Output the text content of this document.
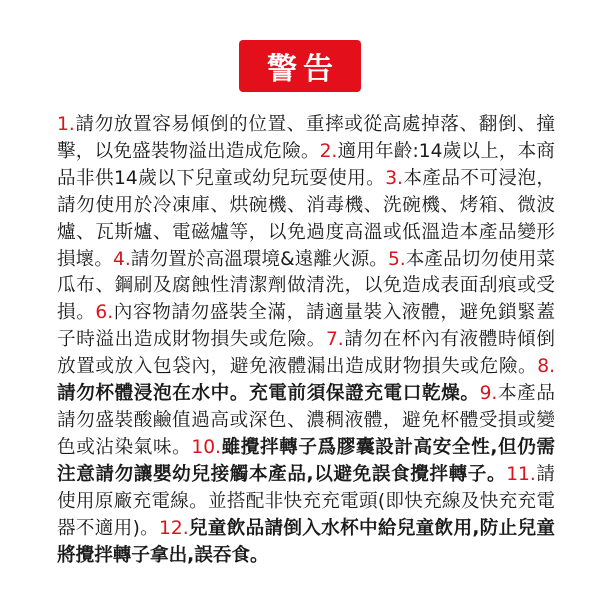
警告

1.請勿放置容易傾倒的位置、重摔或從高處掉落、翻倒、撞擊，以免盛裝物溢出造成危險。2.適用年齡:14歲以上，本商品非供14歲以下兒童或幼兒玩耍使用。3.本產品不可浸泡，請勿使用於冷凍庫、烘碗機、消毒機、洗碗機、烤箱、微波爐、瓦斯爐、電磁爐等，以免過度高溫或低溫造本產品變形損壞。4.請勿置於高溫環境&遠離火源。5.本產品切勿使用菜瓜布、鋼刷及腐蝕性清潔劑做清洗，以免造成表面刮痕或受損。6.內容物請勿盛裝全滿，請適量裝入液體，避免鎖緊蓋子時溢出造成財物損失或危險。7.請勿在杯內有液體時傾倒放置或放入包袋內，避免液體漏出造成財物損失或危險。8.請勿杯體浸泡在水中。充電前須保證充電口乾燥。9.本產品請勿盛裝酸鹼值過高或深色、濃稠液體，避免杯體受損或變色或沾染氣味。10.雖攪拌轉子爲膠囊設計高安全性,但仍需注意請勿讓嬰幼兒接觸本產品,以避免誤食攪拌轉子。11.請使用原廠充電線。並搭配非快充充電頭(即快充線及快充充電器不適用)。12.兒童飲品請倒入水杯中給兒童飲用,防止兒童將攪拌轉子拿出,誤吞食。
